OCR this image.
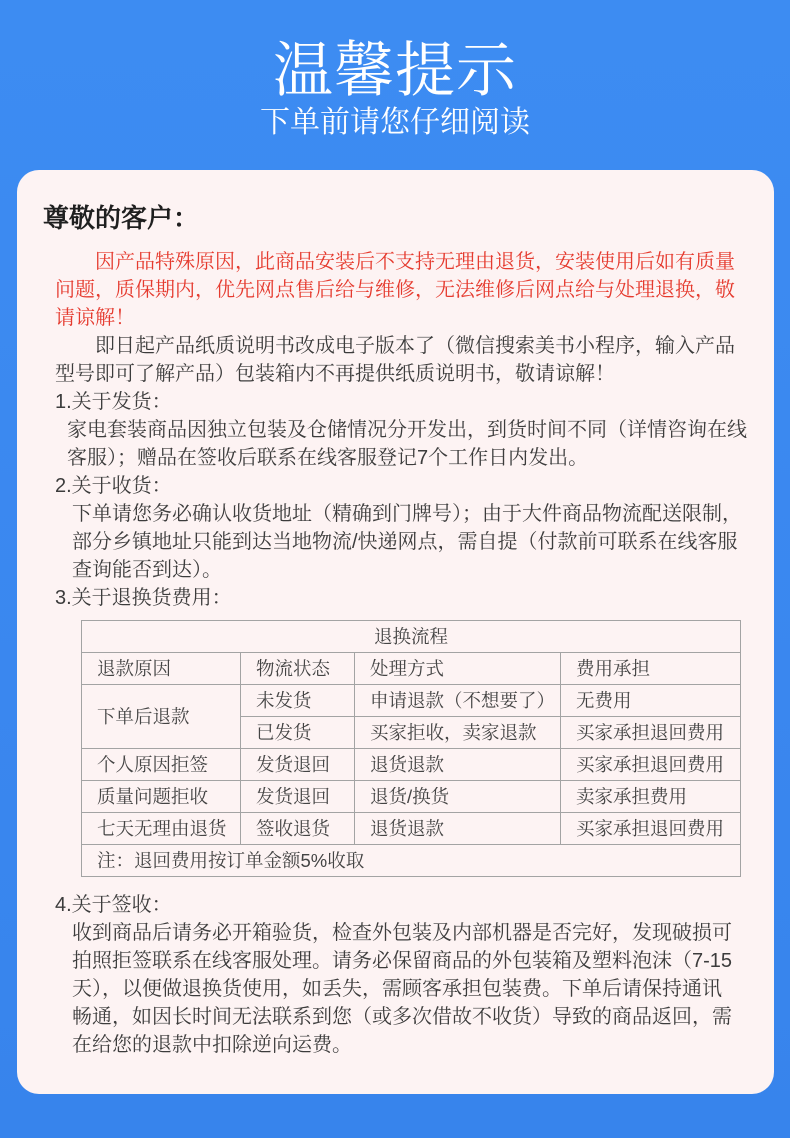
温馨提示
下单前请您仔细阅读
尊敬的客户：
因产品特殊原因，此商品安装后不支持无理由退货，安装使用后如有质量
问题，质保期内，优先网点售后给与维修，无法维修后网点给与处理退换，敬
请谅解！
即日起产品纸质说明书改成电子版本了（微信搜索美书小程序，输入产品
型号即可了解产品）包装箱内不再提供纸质说明书，敬请谅解！
1.关于发货：
家电套装商品因独立包装及仓储情况分开发出，到货时间不同（详情咨询在线
客服）；赠品在签收后联系在线客服登记7个工作日内发出。
2.关于收货：
下单请您务必确认收货地址（精确到门牌号）；由于大件商品物流配送限制，
部分乡镇地址只能到达当地物流/快递网点，需自提（付款前可联系在线客服
查询能否到达）。
3.关于退换货费用：
退换流程			
退款原因	物流状态	处理方式	费用承担
下单后退款	未发货	申请退款（不想要了）	无费用
	已发货	买家拒收，卖家退款	买家承担退回费用
个人原因拒签	发货退回	退货退款	买家承担退回费用
质量问题拒收	发货退回	退货/换货	卖家承担费用
七天无理由退货	签收退货	退货退款	买家承担退回费用
注：退回费用按订单金额5%收取			
4.关于签收：
收到商品后请务必开箱验货，检查外包装及内部机器是否完好，发现破损可
拍照拒签联系在线客服处理。请务必保留商品的外包装箱及塑料泡沫（7-15
天），以便做退换货使用，如丢失，需顾客承担包装费。下单后请保持通讯
畅通，如因长时间无法联系到您（或多次借故不收货）导致的商品返回，需
在给您的退款中扣除逆向运费。
